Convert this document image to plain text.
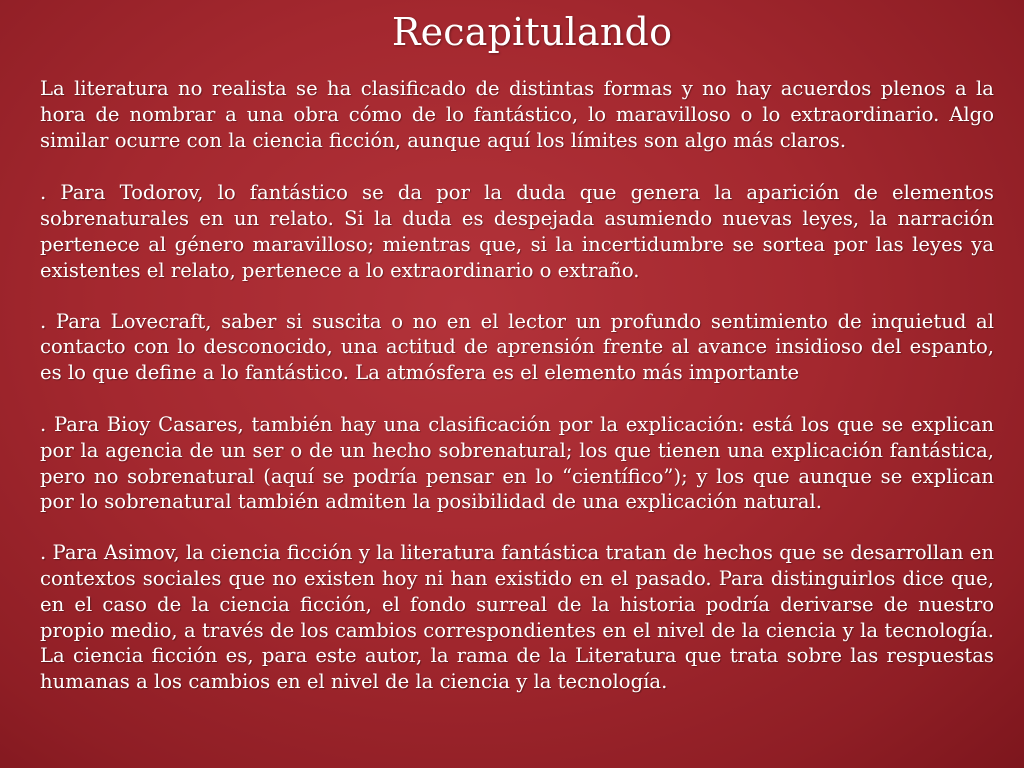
Recapitulando

La literatura no realista se ha clasificado de distintas formas y no hay acuerdos plenos a la hora de nombrar a una obra cómo de lo fantástico, lo maravilloso o lo extraordinario. Algo similar ocurre con la ciencia ficción, aunque aquí los límites son algo más claros.

. Para Todorov, lo fantástico se da por la duda que genera la aparición de elementos sobrenaturales en un relato. Si la duda es despejada asumiendo nuevas leyes, la narración pertenece al género maravilloso; mientras que, si la incertidumbre se sortea por las leyes ya existentes el relato, pertenece a lo extraordinario o extraño.

. Para Lovecraft, saber si suscita o no en el lector un profundo sentimiento de inquietud al contacto con lo desconocido, una actitud de aprensión frente al avance insidioso del espanto, es lo que define a lo fantástico. La atmósfera es el elemento más importante

. Para Bioy Casares, también hay una clasificación por la explicación: está los que se explican por la agencia de un ser o de un hecho sobrenatural; los que tienen una explicación fantástica, pero no sobrenatural (aquí se podría pensar en lo “científico”); y los que aunque se explican por lo sobrenatural también admiten la posibilidad de una explicación natural.

. Para Asimov, la ciencia ficción y la literatura fantástica tratan de hechos que se desarrollan en contextos sociales que no existen hoy ni han existido en el pasado. Para distinguirlos dice que, en el caso de la ciencia ficción, el fondo surreal de la historia podría derivarse de nuestro propio medio, a través de los cambios correspondientes en el nivel de la ciencia y la tecnología. La ciencia ficción es, para este autor, la rama de la Literatura que trata sobre las respuestas humanas a los cambios en el nivel de la ciencia y la tecnología.
